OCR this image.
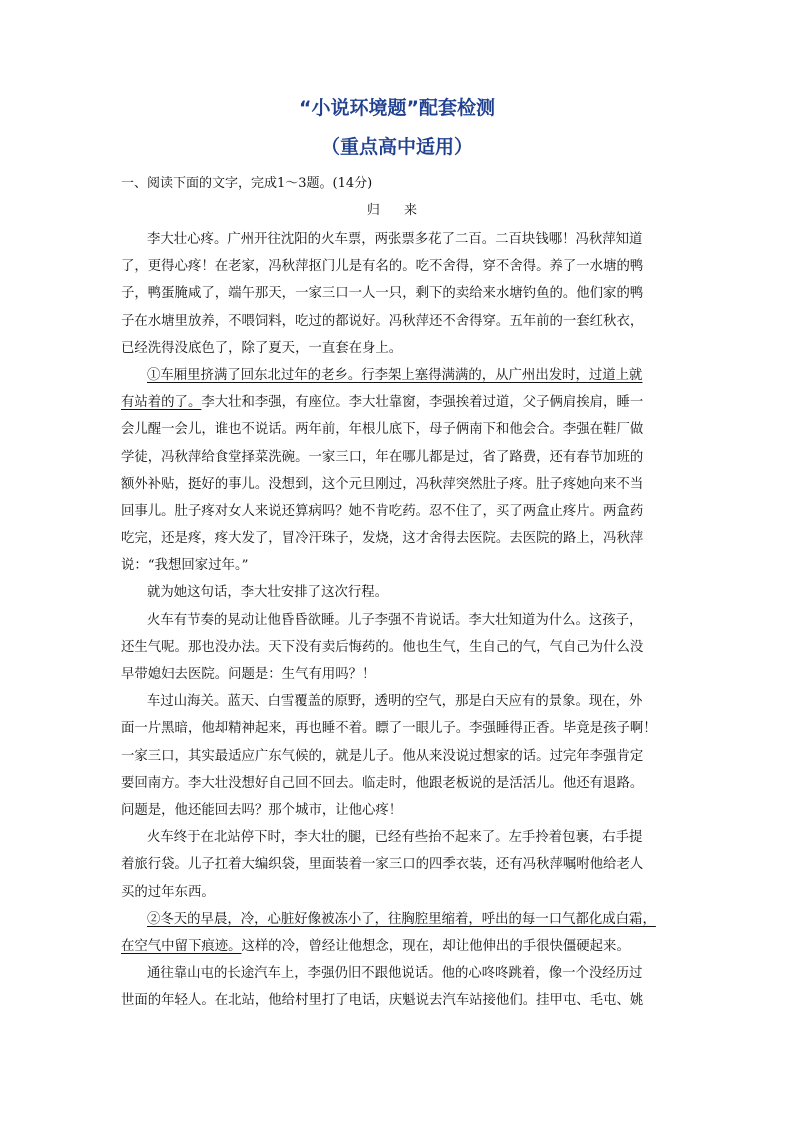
“小说环境题”配套检测
（重点高中适用）
一、阅读下面的文字，完成1～3题。(14分)
归 来
李大壮心疼。广州开往沈阳的火车票，两张票多花了二百。二百块钱哪！冯秋萍知道
了，更得心疼！在老家，冯秋萍抠门儿是有名的。吃不舍得，穿不舍得。养了一水塘的鸭
子，鸭蛋腌咸了，端午那天，一家三口一人一只，剩下的卖给来水塘钓鱼的。他们家的鸭
子在水塘里放养，不喂饲料，吃过的都说好。冯秋萍还不舍得穿。五年前的一套红秋衣，
已经洗得没底色了，除了夏天，一直套在身上。
①车厢里挤满了回东北过年的老乡。行李架上塞得满满的，从广州出发时，过道上就
有站着的了。李大壮和李强，有座位。李大壮靠窗，李强挨着过道，父子俩肩挨肩，睡一
会儿醒一会儿，谁也不说话。两年前，年根儿底下，母子俩南下和他会合。李强在鞋厂做
学徒，冯秋萍给食堂择菜洗碗。一家三口，年在哪儿都是过，省了路费，还有春节加班的
额外补贴，挺好的事儿。没想到，这个元旦刚过，冯秋萍突然肚子疼。肚子疼她向来不当
回事儿。肚子疼对女人来说还算病吗？她不肯吃药。忍不住了，买了两盒止疼片。两盒药
吃完，还是疼，疼大发了，冒冷汗珠子，发烧，这才舍得去医院。去医院的路上，冯秋萍
说：“我想回家过年。”
就为她这句话，李大壮安排了这次行程。
火车有节奏的晃动让他昏昏欲睡。儿子李强不肯说话。李大壮知道为什么。这孩子，
还生气呢。那也没办法。天下没有卖后悔药的。他也生气，生自己的气，气自己为什么没
早带媳妇去医院。问题是：生气有用吗？！
车过山海关。蓝天、白雪覆盖的原野，透明的空气，那是白天应有的景象。现在，外
面一片黑暗，他却精神起来，再也睡不着。瞟了一眼儿子。李强睡得正香。毕竟是孩子啊！
一家三口，其实最适应广东气候的，就是儿子。他从来没说过想家的话。过完年李强肯定
要回南方。李大壮没想好自己回不回去。临走时，他跟老板说的是活活儿。他还有退路。
问题是，他还能回去吗？那个城市，让他心疼！
火车终于在北站停下时，李大壮的腿，已经有些抬不起来了。左手拎着包裹，右手提
着旅行袋。儿子扛着大编织袋，里面装着一家三口的四季衣装，还有冯秋萍嘱咐他给老人
买的过年东西。
②冬天的早晨，冷，心脏好像被冻小了，往胸腔里缩着，呼出的每一口气都化成白霜，
在空气中留下痕迹。这样的冷，曾经让他想念，现在，却让他伸出的手很快僵硬起来。
通往靠山屯的长途汽车上，李强仍旧不跟他说话。他的心咚咚跳着，像一个没经历过
世面的年轻人。在北站，他给村里打了电话，庆魁说去汽车站接他们。挂甲屯、毛屯、姚
